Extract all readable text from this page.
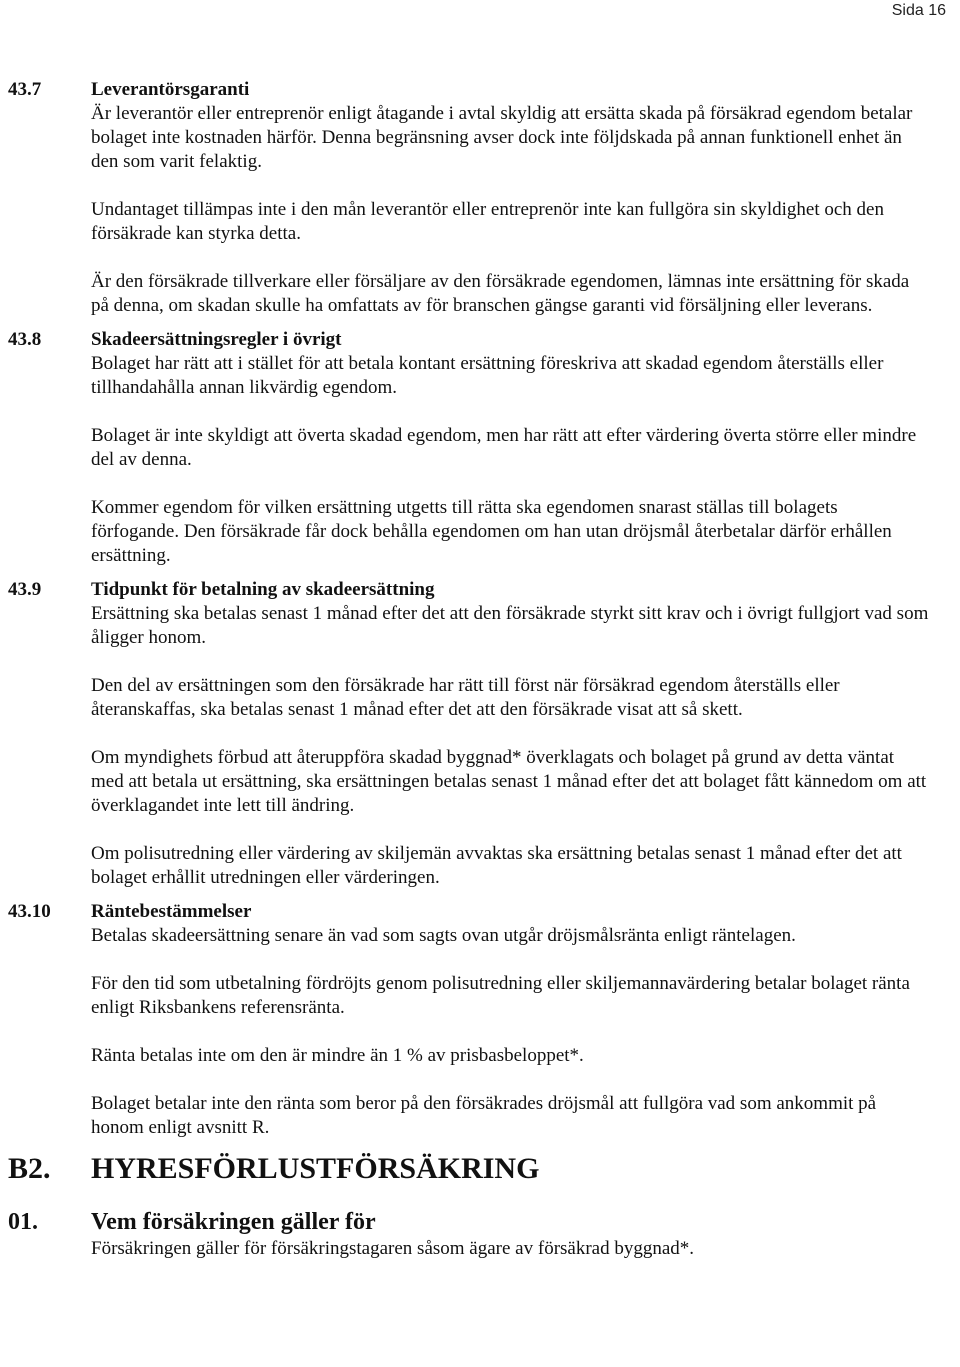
Sida 16
43.7	Leverantörsgaranti

Är leverantör eller entreprenör enligt åtagande i avtal skyldig att ersätta skada på försäkrad egendom betalar bolaget inte kostnaden härför. Denna begränsning avser dock inte följdskada på annan funktionell enhet än den som varit felaktig.

Undantaget tillämpas inte i den mån leverantör eller entreprenör inte kan fullgöra sin skyldighet och den försäkrade kan styrka detta.

Är den försäkrade tillverkare eller försäljare av den försäkrade egendomen, lämnas inte ersättning för skada på denna, om skadan skulle ha omfattats av för branschen gängse garanti vid försäljning eller leverans.

43.8	Skadeersättningsregler i övrigt

Bolaget har rätt att i stället för att betala kontant ersättning föreskriva att skadad egendom återställs eller tillhandahålla annan likvärdig egendom.

Bolaget är inte skyldigt att överta skadad egendom, men har rätt att efter värdering överta större eller mindre del av denna.

Kommer egendom för vilken ersättning utgetts till rätta ska egendomen snarast ställas till bolagets förfogande. Den försäkrade får dock behålla egendomen om han utan dröjsmål återbetalar därför erhållen ersättning.

43.9	Tidpunkt för betalning av skadeersättning

Ersättning ska betalas senast 1 månad efter det att den försäkrade styrkt sitt krav och i övrigt fullgjort vad som åligger honom.

Den del av ersättningen som den försäkrade har rätt till först när försäkrad egendom återställs eller återanskaffas, ska betalas senast 1 månad efter det att den försäkrade visat att så skett.

Om myndighets förbud att återuppföra skadad byggnad* överklagats och bolaget på grund av detta väntat med att betala ut ersättning, ska ersättningen betalas senast 1 månad efter det att bolaget fått kännedom om att överklagandet inte lett till ändring.

Om polisutredning eller värdering av skiljemän avvaktas ska ersättning betalas senast 1 månad efter det att bolaget erhållit utredningen eller värderingen.

43.10 Räntebestämmelser

Betalas skadeersättning senare än vad som sagts ovan utgår dröjsmålsränta enligt räntelagen.

För den tid som utbetalning fördröjts genom polisutredning eller skiljemannavärdering betalar bolaget ränta enligt Riksbankens referensränta.

Ränta betalas inte om den är mindre än 1 % av prisbasbeloppet*.

Bolaget betalar inte den ränta som beror på den försäkrades dröjsmål att fullgöra vad som ankommit på honom enligt avsnitt R.

B2. HYRESFÖRLUSTFÖRSÄKRING

01. Vem försäkringen gäller för

Försäkringen gäller för försäkringstagaren såsom ägare av försäkrad byggnad*.
